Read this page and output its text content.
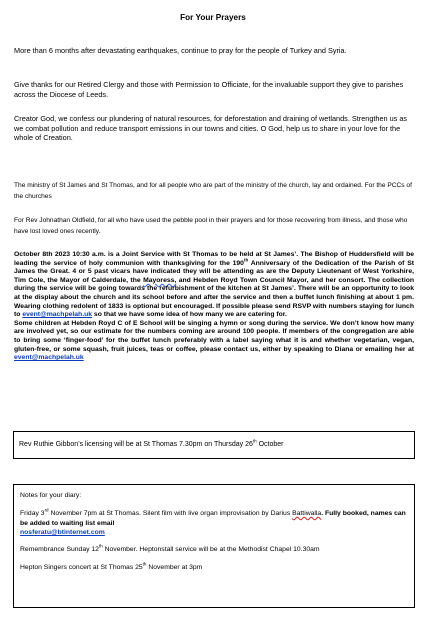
For Your Prayers

More than 6 months after devastating earthquakes, continue to pray for the people of Turkey and Syria.

Give thanks for our Retired Clergy and those with Permission to Officiate, for the invaluable support they give to parishes across the Diocese of Leeds.

Creator God, we confess our plundering of natural resources, for deforestation and draining of wetlands. Strengthen us as we combat pollution and reduce transport emissions in our towns and cities. O God, help us to share in your love for the whole of Creation.

The ministry of St James and St Thomas, and for all people who are part of the ministry of the church, lay and ordained. For the PCCs of the churches

For Rev Johnathan Oldfield, for all who have used the pebble pool in their prayers and for those recovering from illness, and those who have lost loved ones recently.

October 8th 2023 10:30 a.m. is a Joint Service with St Thomas to be held at St James’. The Bishop of Huddersfield will be leading the service of holy communion with thanksgiving for the 190th Anniversary of the Dedication of the Parish of St James the Great. 4 or 5 past vicars have indicated they will be attending as are the Deputy Lieutenant of West Yorkshire, Tim Cole, the Mayor of Calderdale, the Mayoress, and Hebden Royd Town Council Mayor, and her consort. The collection during the service will be going towards the refurbishment of the kitchen at St James’. There will be an opportunity to look at the display about the church and its school before and after the service and then a buffet lunch finishing at about 1 pm. Wearing clothing redolent of 1833 is optional but encouraged. If possible please send RSVP with numbers staying for lunch to event@machpelah.uk so that we have some idea of how many we are catering for.
Some children at Hebden Royd C of E School will be singing a hymn or song during the service. We don’t know how many are involved yet, so our estimate for the numbers coming are around 100 people. If members of the congregation are able to bring some ‘finger-food’ for the buffet lunch preferably with a label saying what it is and whether vegetarian, vegan, gluten-free, or some squash, fruit juices, teas or coffee, please contact us, either by speaking to Diana or emailing her at event@machpelah.uk

Rev Ruthie Gibbon’s licensing will be at St Thomas 7.30pm on Thursday 26th October

Notes for your diary:

Friday 3rd November 7pm at St Thomas. Silent film with live organ improvisation by Darius Battiwalla. Fully booked, names can be added to waiting list email
nosferatu@btinternet.com

Remembrance Sunday 12th November. Heptonstall service will be at the Methodist Chapel 10.30am

Hepton Singers concert at St Thomas 25th November at 3pm
